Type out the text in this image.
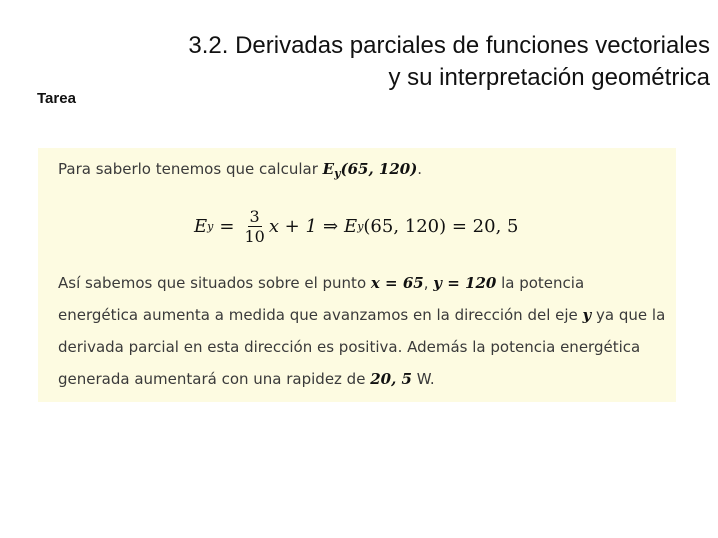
3.2. Derivadas parciales de funciones vectoriales
y su interpretación geométrica

Tarea

Para saberlo tenemos que calcular $E_y(65$, 120).
E $y = \frac{3}{10}$ x + 1 ⇒ E y (65, 120) = 20, 5
Así sabemos que situados sobre el punto x = 65, y = 120 la potencia
energética aumenta a medida que avanzamos en la dirección del eje y ya que la
derivada parcial en esta dirección es positiva. Además la potencia energética
generada aumentará con una rapidez de 20, 5 W.
